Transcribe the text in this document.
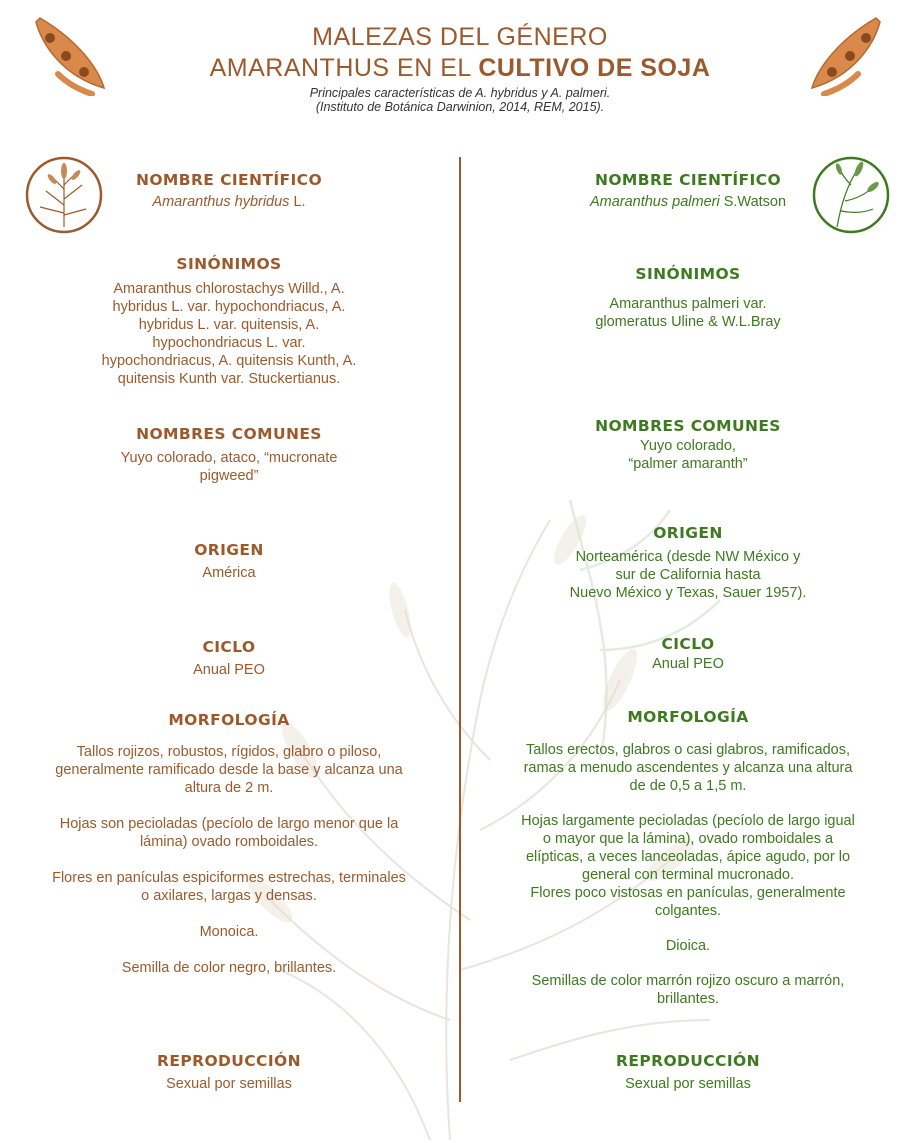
MALEZAS DEL GÉNERO
AMARANTHUS EN EL CULTIVO DE SOJA
Principales características de A. hybridus y A. palmeri.
(Instituto de Botánica Darwinion, 2014, REM, 2015).

NOMBRE CIENTÍFICO

Amaranthus hybridus L.

SINÓNIMOS

Amaranthus chlorostachys Willd., A.

hybridus L. var. hypochondriacus, A.

hybridus L. var. quitensis, A.

hypochondriacus L. var.

hypochondriacus, A. quitensis Kunth, A.

quitensis Kunth var. Stuckertianus.

NOMBRES COMUNES

Yuyo colorado, ataco, “mucronate

pigweed”

ORIGEN

América

CICLO

Anual PEO

MORFOLOGÍA

Tallos rojizos, robustos, rígidos, glabro o piloso,

generalmente ramificado desde la base y alcanza una

altura de 2 m.

Hojas son pecioladas (pecíolo de largo menor que la

lámina) ovado romboidales.

Flores en panículas espiciformes estrechas, terminales

o axilares, largas y densas.

Monoica.

Semilla de color negro, brillantes.

REPRODUCCIÓN

Sexual por semillas

NOMBRE CIENTÍFICO

Amaranthus palmeri S.Watson

SINÓNIMOS

Amaranthus palmeri var.

glomeratus Uline & W.L.Bray

NOMBRES COMUNES

Yuyo colorado,

“palmer amaranth”

ORIGEN

Norteamérica (desde NW México y

sur de California hasta

Nuevo México y Texas, Sauer 1957).

CICLO

Anual PEO

MORFOLOGÍA

Tallos erectos, glabros o casi glabros, ramificados,

ramas a menudo ascendentes y alcanza una altura

de de 0,5 a 1,5 m.

Hojas largamente pecioladas (pecíolo de largo igual

o mayor que la lámina), ovado romboidales a

elípticas, a veces lanceoladas, ápice agudo, por lo

general con terminal mucronado.

Flores poco vistosas en panículas, generalmente

colgantes.

Dioica.

Semillas de color marrón rojizo oscuro a marrón,

brillantes.

REPRODUCCIÓN

Sexual por semillas
